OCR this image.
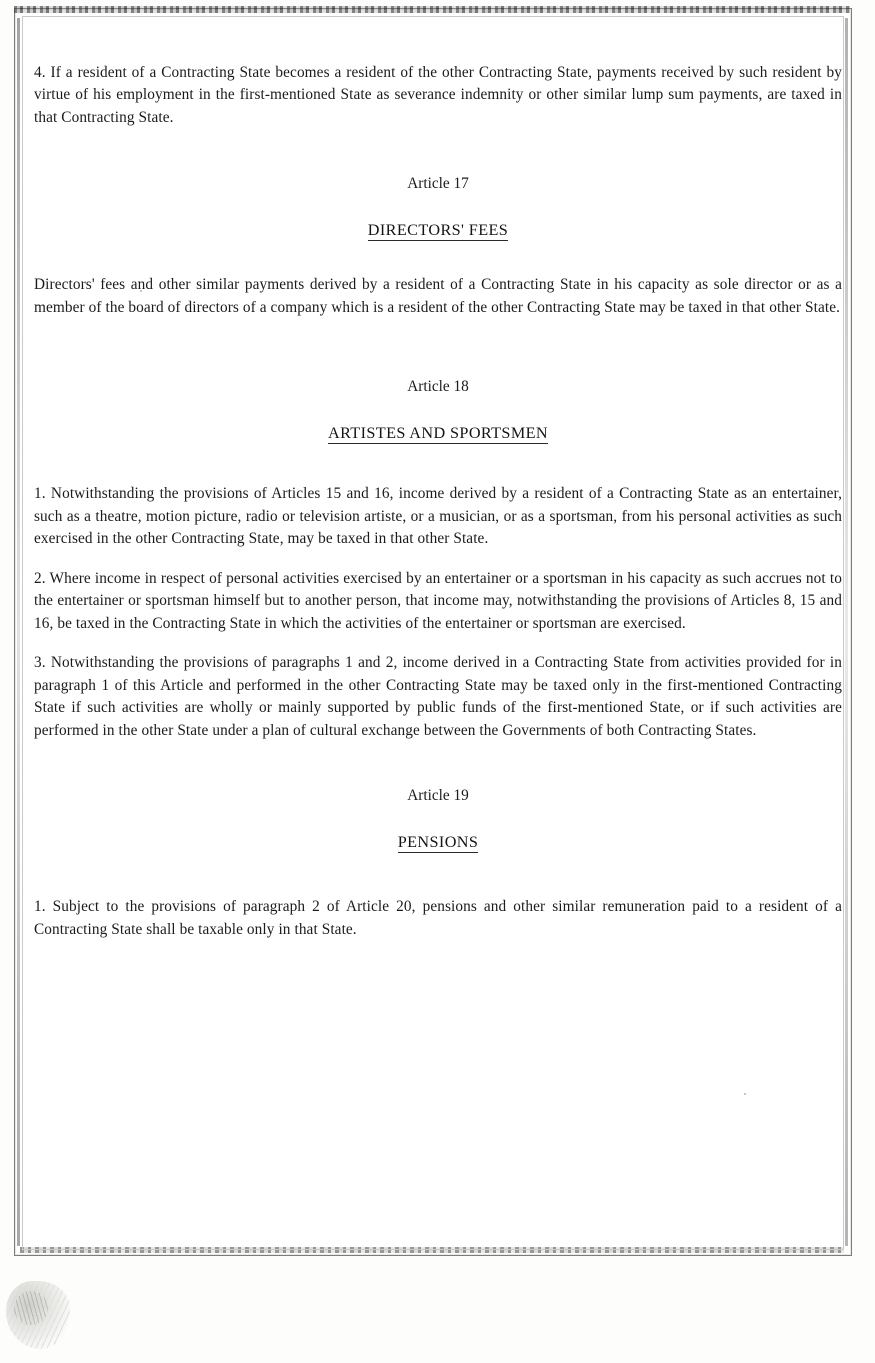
4. If a resident of a Contracting State becomes a resident of the other Contracting State, payments received by such resident by virtue of his employment in the first-mentioned State as severance indemnity or other similar lump sum payments, are taxed in that Contracting State.

Article 17

DIRECTORS' FEES

Directors' fees and other similar payments derived by a resident of a Contracting State in his capacity as sole director or as a member of the board of directors of a company which is a resident of the other Contracting State may be taxed in that other State.

Article 18

ARTISTES AND SPORTSMEN

1. Notwithstanding the provisions of Articles 15 and 16, income derived by a resident of a Contracting State as an entertainer, such as a theatre, motion picture, radio or television artiste, or a musician, or as a sportsman, from his personal activities as such exercised in the other Contracting State, may be taxed in that other State.

2. Where income in respect of personal activities exercised by an entertainer or a sportsman in his capacity as such accrues not to the entertainer or sportsman himself but to another person, that income may, notwithstanding the provisions of Articles 8, 15 and 16, be taxed in the Contracting State in which the activities of the entertainer or sportsman are exercised.

3. Notwithstanding the provisions of paragraphs 1 and 2, income derived in a Contracting State from activities provided for in paragraph 1 of this Article and performed in the other Contracting State may be taxed only in the first-mentioned Contracting State if such activities are wholly or mainly supported by public funds of the first-mentioned State, or if such activities are performed in the other State under a plan of cultural exchange between the Governments of both Contracting States.

Article 19

PENSIONS

1. Subject to the provisions of paragraph 2 of Article 20, pensions and other similar remuneration paid to a resident of a Contracting State shall be taxable only in that State.
